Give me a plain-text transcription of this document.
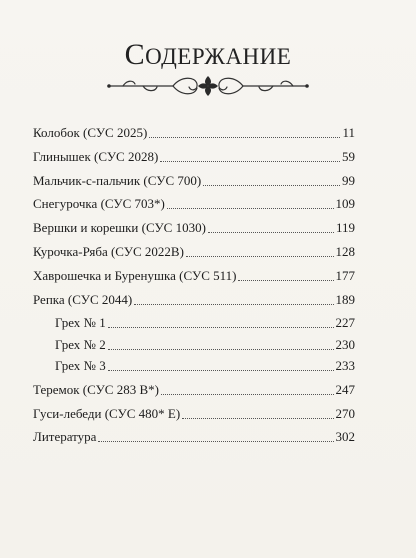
СОДЕРЖАНИЕ
Колобок (СУС 2025)	11
Глинышек (СУС 2028)	59
Мальчик-с-пальчик (СУС 700)	99
Снегурочка (СУС 703*)	109
Вершки и корешки (СУС 1030)	119
Курочка-Ряба (СУС 2022В)	128
Хаврошечка и Буренушка (СУС 511)	177
Репка (СУС 2044)	189
Грех № 1	227
Грех № 2	230
Грех № 3	233
Теремок (СУС 283 В*)	247
Гуси-лебеди (СУС 480* Е)	270
Литература	302
